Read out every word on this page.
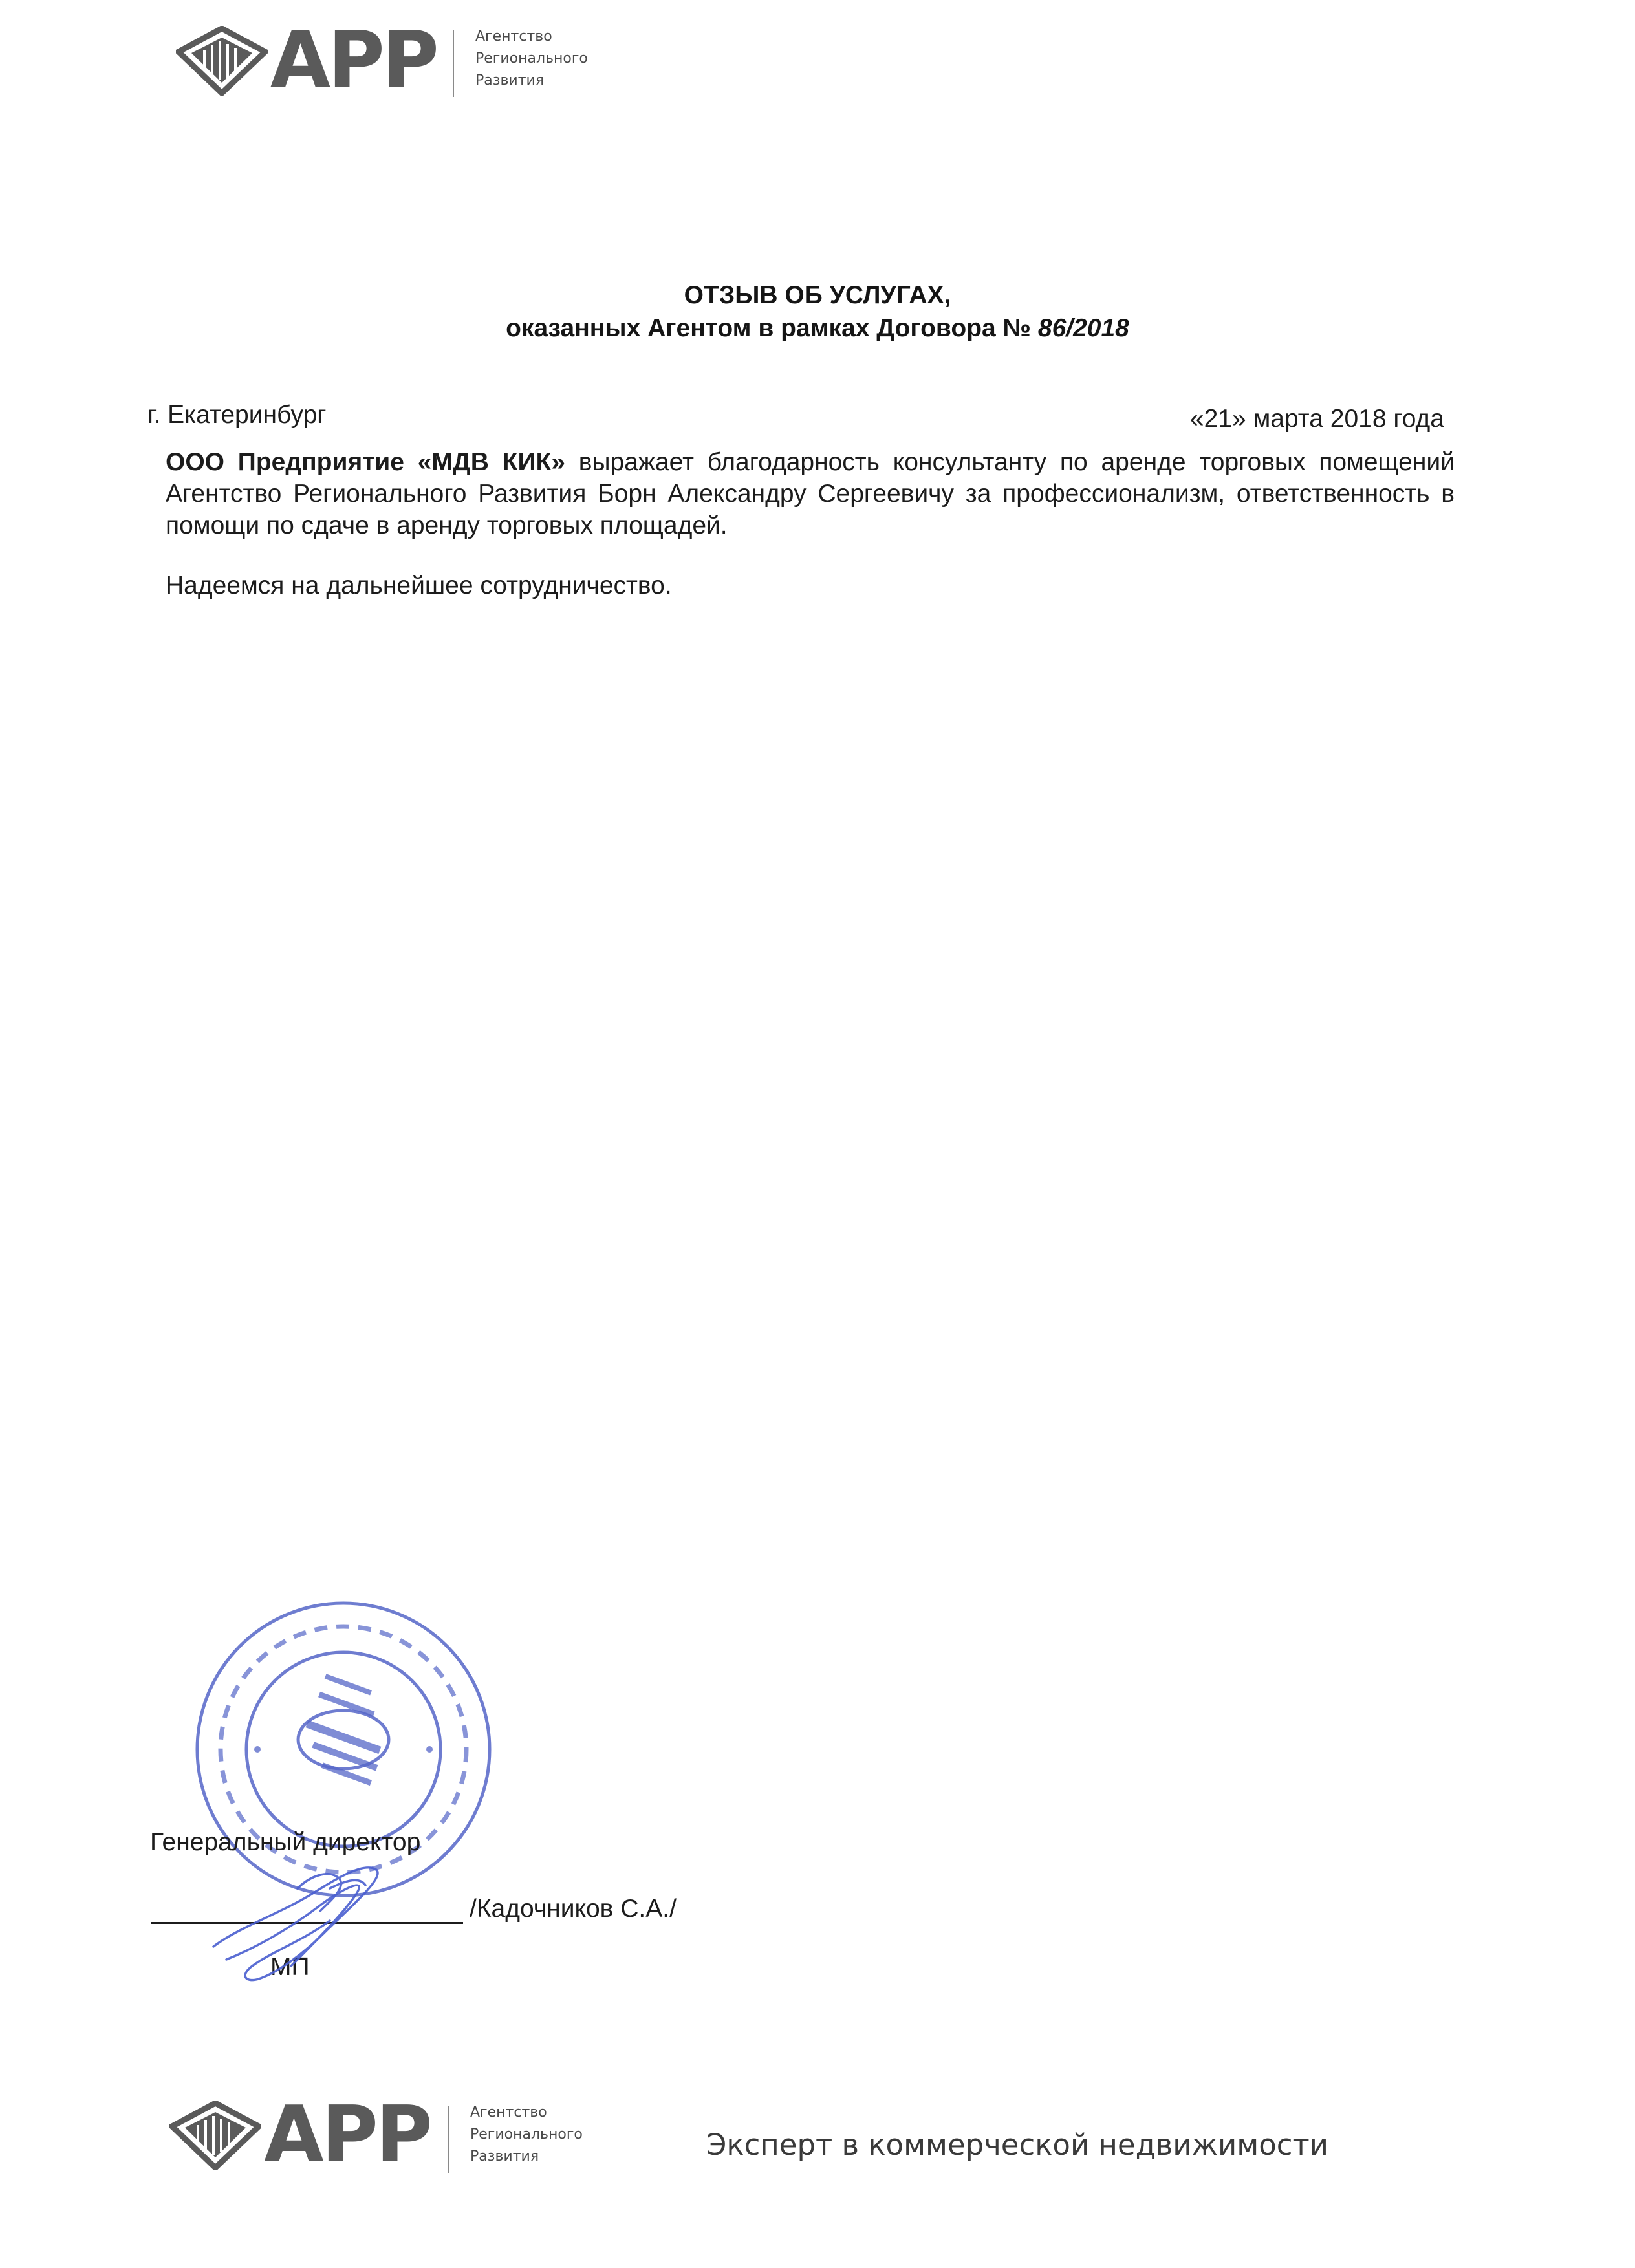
АРР	Агентство
Регионального
Развития
ОТЗЫВ ОБ УСЛУГАХ,
оказанных Агентом в рамках Договора № 86/2018
г. Екатеринбург	«21» марта 2018 года
ООО Предприятие «МДВ КИК» выражает благодарность консультанту по аренде торговых помещений Агентство Регионального Развития Борн Александру Сергеевичу за профессионализм, ответственность в помощи по сдаче в аренду торговых площадей.
Надеемся на дальнейшее сотрудничество.
Генеральный директор
/Кадочников С.А./
МП
АРР	Агентство
Регионального
Развития	Эксперт в коммерческой недвижимости
